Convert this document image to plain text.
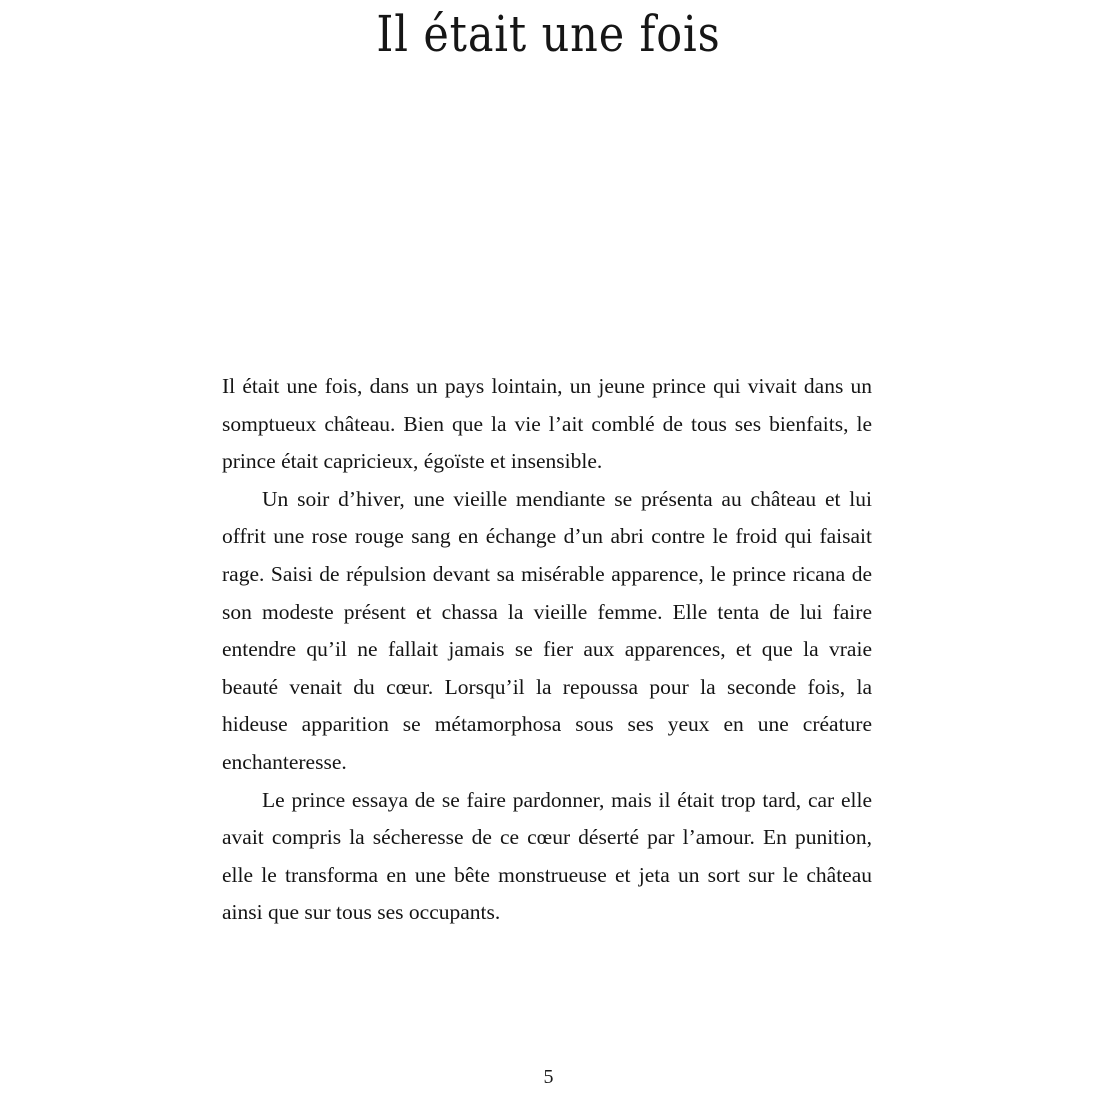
Il était une fois

Il était une fois, dans un pays lointain, un jeune prince qui vivait dans un somptueux château. Bien que la vie l’ait comblé de tous ses bienfaits, le prince était capricieux, égoïste et insensible.

Un soir d’hiver, une vieille mendiante se présenta au château et lui offrit une rose rouge sang en échange d’un abri contre le froid qui faisait rage. Saisi de répulsion devant sa misérable apparence, le prince ricana de son modeste présent et chassa la vieille femme. Elle tenta de lui faire entendre qu’il ne fallait jamais se fier aux apparences, et que la vraie beauté venait du cœur. Lorsqu’il la repoussa pour la seconde fois, la hideuse apparition se métamorphosa sous ses yeux en une créature enchanteresse.

Le prince essaya de se faire pardonner, mais il était trop tard, car elle avait compris la sécheresse de ce cœur déserté par l’amour. En punition, elle le transforma en une bête monstrueuse et jeta un sort sur le château ainsi que sur tous ses occupants.

5
